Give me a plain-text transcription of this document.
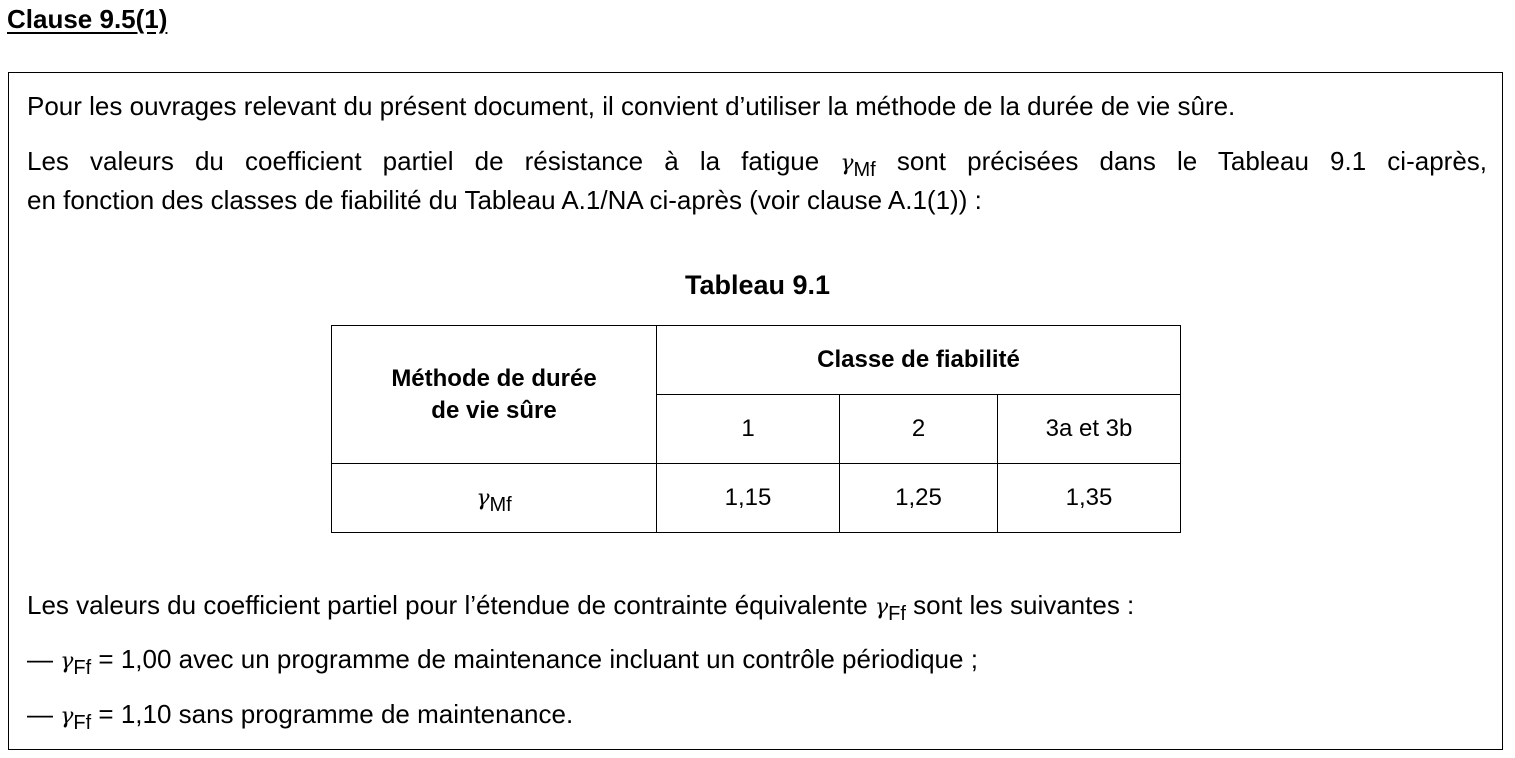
Clause 9.5(1)
Pour les ouvrages relevant du présent document, il convient d’utiliser la méthode de la durée de vie sûre.
Les valeurs du coefficient partiel de résistance à la fatigue $\gamma_{Mf}$ sont précisées dans le Tableau 9.1 ci-après,
en fonction des classes de fiabilité du Tableau A.1/NA ci-après (voir clause A.1(1)) :
Tableau 9.1
Méthode de durée
de vie sûre	Classe de fiabilité		
	1	2	3a et 3b
$\gamma_{Mf}$	1,15	1,25	1,35
Les valeurs du coefficient partiel pour l’étendue de contrainte équivalente $\gamma_{Ff}$ sont les suivantes :
— $\gamma_{Ff} = 1,00$ avec un programme de maintenance incluant un contrôle périodique ;
— $\gamma_{Ff} = 1,10$ sans programme de maintenance.
